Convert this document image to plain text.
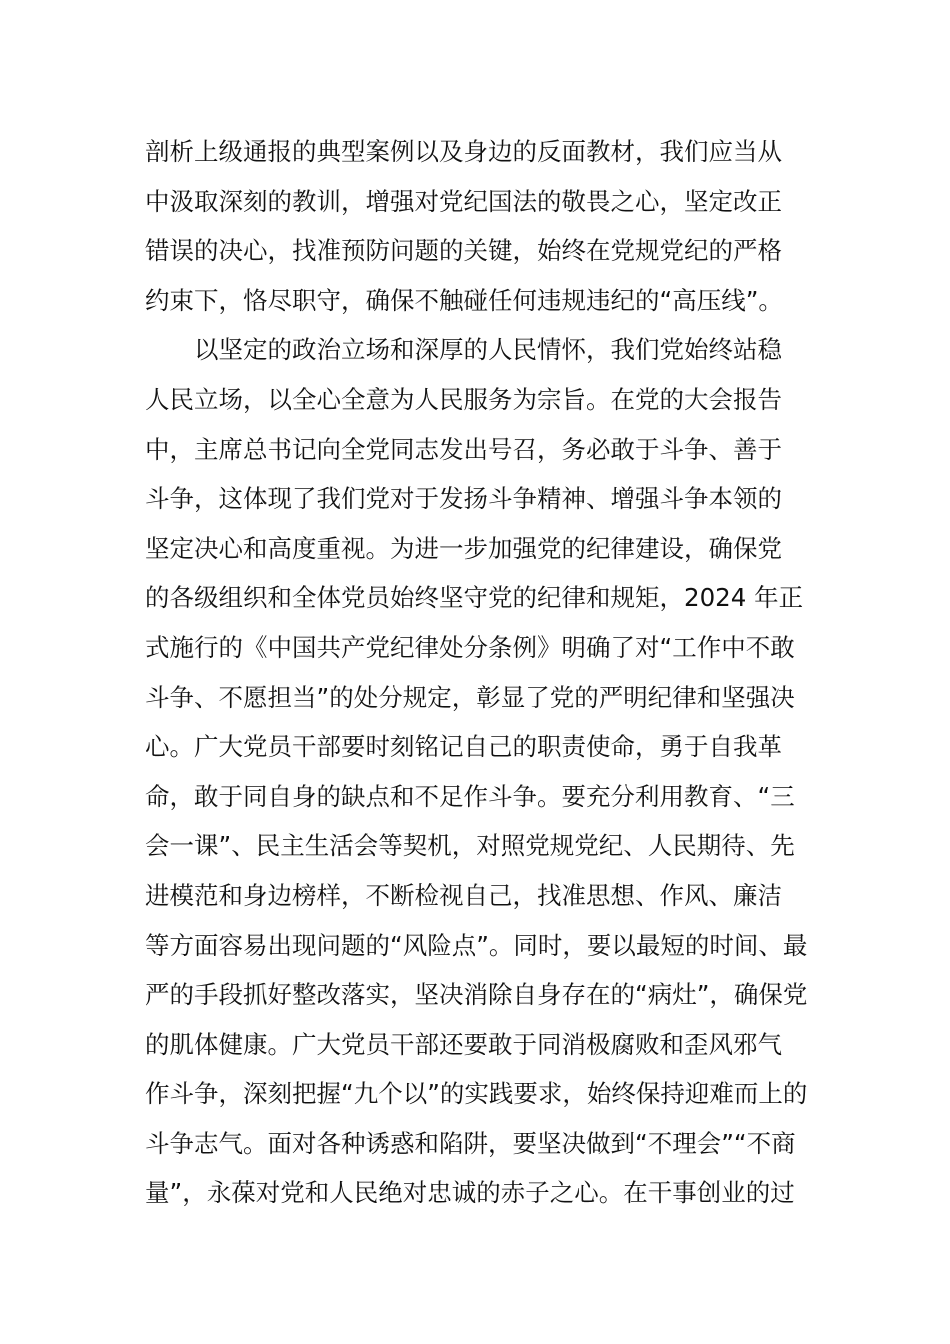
剖析上级通报的典型案例以及身边的反面教材，我们应当从
中汲取深刻的教训，增强对党纪国法的敬畏之心，坚定改正
错误的决心，找准预防问题的关键，始终在党规党纪的严格
约束下，恪尽职守，确保不触碰任何违规违纪的“高压线”。
以坚定的政治立场和深厚的人民情怀，我们党始终站稳
人民立场，以全心全意为人民服务为宗旨。在党的大会报告
中，主席总书记向全党同志发出号召，务必敢于斗争、善于
斗争，这体现了我们党对于发扬斗争精神、增强斗争本领的
坚定决心和高度重视。为进一步加强党的纪律建设，确保党
的各级组织和全体党员始终坚守党的纪律和规矩，2024 年正
式施行的《中国共产党纪律处分条例》明确了对“工作中不敢
斗争、不愿担当”的处分规定，彰显了党的严明纪律和坚强决
心。广大党员干部要时刻铭记自己的职责使命，勇于自我革
命，敢于同自身的缺点和不足作斗争。要充分利用教育、“三
会一课”、民主生活会等契机，对照党规党纪、人民期待、先
进模范和身边榜样，不断检视自己，找准思想、作风、廉洁
等方面容易出现问题的“风险点”。同时，要以最短的时间、最
严的手段抓好整改落实，坚决消除自身存在的“病灶”，确保党
的肌体健康。广大党员干部还要敢于同消极腐败和歪风邪气
作斗争，深刻把握“九个以”的实践要求，始终保持迎难而上的
斗争志气。面对各种诱惑和陷阱，要坚决做到“不理会”“不商
量”，永葆对党和人民绝对忠诚的赤子之心。在干事创业的过
